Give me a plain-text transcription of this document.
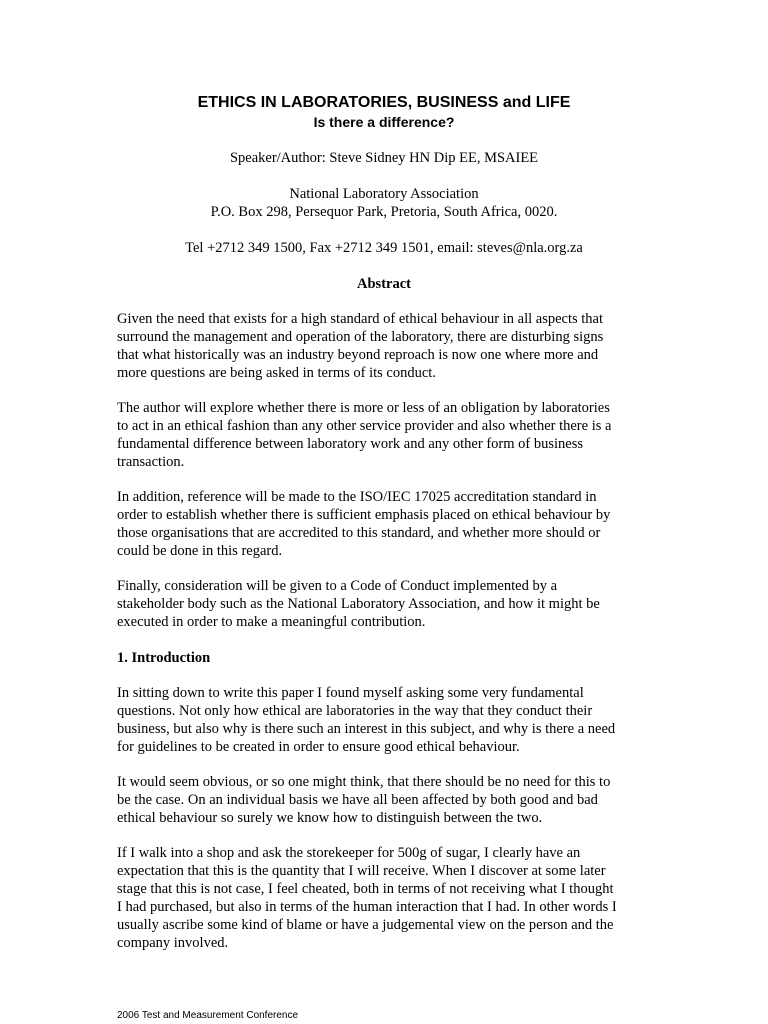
ETHICS IN LABORATORIES, BUSINESS and LIFE
Is there a difference?

Speaker/Author: Steve Sidney HN Dip EE, MSAIEE

National Laboratory Association

P.O. Box 298, Persequor Park, Pretoria, South Africa, 0020.

Tel +2712 349 1500, Fax +2712 349 1501, email: steves@nla.org.za

Abstract

Given the need that exists for a high standard of ethical behaviour in all aspects that
surround the management and operation of the laboratory, there are disturbing signs
that what historically was an industry beyond reproach is now one where more and
more questions are being asked in terms of its conduct.
The author will explore whether there is more or less of an obligation by laboratories
to act in an ethical fashion than any other service provider and also whether there is a
fundamental difference between laboratory work and any other form of business
transaction.
In addition, reference will be made to the ISO/IEC 17025 accreditation standard in
order to establish whether there is sufficient emphasis placed on ethical behaviour by
those organisations that are accredited to this standard, and whether more should or
could be done in this regard.
Finally, consideration will be given to a Code of Conduct implemented by a
stakeholder body such as the National Laboratory Association, and how it might be
executed in order to make a meaningful contribution.

1. Introduction

In sitting down to write this paper I found myself asking some very fundamental
questions. Not only how ethical are laboratories in the way that they conduct their
business, but also why is there such an interest in this subject, and why is there a need
for guidelines to be created in order to ensure good ethical behaviour.
It would seem obvious, or so one might think, that there should be no need for this to
be the case. On an individual basis we have all been affected by both good and bad
ethical behaviour so surely we know how to distinguish between the two.
If I walk into a shop and ask the storekeeper for 500g of sugar, I clearly have an
expectation that this is the quantity that I will receive. When I discover at some later
stage that this is not case, I feel cheated, both in terms of not receiving what I thought
I had purchased, but also in terms of the human interaction that I had. In other words I
usually ascribe some kind of blame or have a judgemental view on the person and the
company involved.

2006 Test and Measurement Conference
